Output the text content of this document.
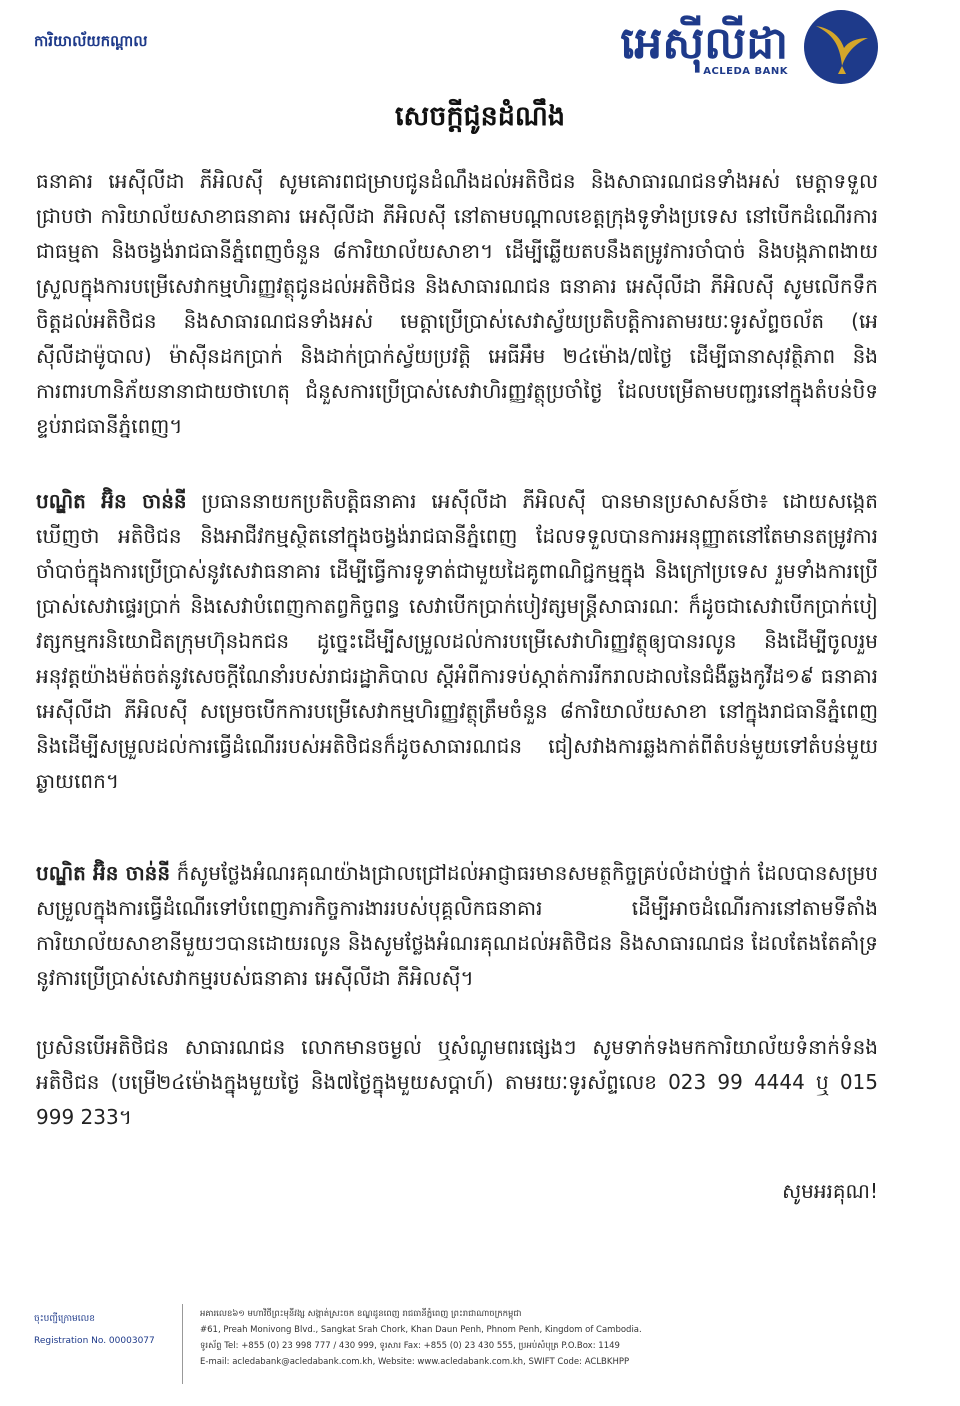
ការិយាល័យកណ្តាល	អេស៊ីលីដា
ACLEDA BANK
សេចក្តីជូនដំណឹង

ធនាគារ អេស៊ីលីដា ភីអិលស៊ី សូមគោរពជម្រាបជូនដំណឹងដល់អតិថិជន និងសាធារណជនទាំងអស់ មេត្តាទទួលជ្រាបថា ការិយាល័យសាខាធនាគារ អេស៊ីលីដា ភីអិលស៊ី នៅតាមបណ្តាលខេត្តក្រុងទូទាំងប្រទេស នៅបើកដំណើរការជាធម្មតា និងចង្វង់រាជធានីភ្នំពេញចំនួន ៨ការិយាល័យសាខា។ ដើម្បីឆ្លើយតបនឹងតម្រូវការចាំបាច់ និងបង្កភាពងាយស្រួលក្នុងការបម្រើសេវាកម្មហិរញ្ញវត្ថុជូនដល់អតិថិជន និងសាធារណជន ធនាគារ អេស៊ីលីដា ភីអិលស៊ី សូមលើកទឹកចិត្តដល់អតិថិជន និងសាធារណជនទាំងអស់ មេត្តាប្រើប្រាស់សេវាស្វ័យប្រតិបត្តិការតាមរយៈទូរស័ព្ទចល័ត (អេស៊ីលីដាម៉ូបាល) ម៉ាស៊ីនដកប្រាក់ និងដាក់ប្រាក់ស្វ័យប្រវត្តិ អេធីអឹម ២៤ម៉ោង/៧ថ្ងៃ ដើម្បីធានាសុវត្ថិភាព និងការពារហានិភ័យនានាជាយថាហេតុ ជំនួសការប្រើប្រាស់សេវាហិរញ្ញវត្ថុប្រចាំថ្ងៃ ដែលបម្រើតាមបញ្ជរនៅក្នុងតំបន់បិទខ្ទប់រាជធានីភ្នំពេញ។

បណ្ឌិត អ៊ិន ចាន់នី ប្រធាននាយកប្រតិបត្តិធនាគារ អេស៊ីលីដា ភីអិលស៊ី បានមានប្រសាសន៍ថា៖ ដោយសង្កេតឃើញថា អតិថិជន និងអាជីវកម្មស្ថិតនៅក្នុងចង្វង់រាជធានីភ្នំពេញ ដែលទទួលបានការអនុញ្ញាតនៅតែមានតម្រូវការចាំបាច់ក្នុងការប្រើប្រាស់នូវសេវាធនាគារ ដើម្បីធ្វើការទូទាត់ជាមួយដៃគូពាណិជ្ជកម្មក្នុង និងក្រៅប្រទេស រួមទាំងការប្រើប្រាស់សេវាផ្ទេរប្រាក់ និងសេវាបំពេញកាតព្វកិច្ចពន្ធ សេវាបើកប្រាក់បៀវត្សមន្ត្រីសាធារណៈ ក៏ដូចជាសេវាបើកប្រាក់បៀវត្សកម្មករនិយោជិតក្រុមហ៊ុនឯកជន ដូច្នេះដើម្បីសម្រួលដល់ការបម្រើសេវាហិរញ្ញវត្ថុឲ្យបានរលូន និងដើម្បីចូលរួមអនុវត្តយ៉ាងម៉ត់ចត់នូវសេចក្តីណែនាំរបស់រាជរដ្ឋាភិបាល ស្តីអំពីការទប់ស្កាត់ការរីករាលដាលនៃជំងឺឆ្លងកូវីដ១៩ ធនាគារ អេស៊ីលីដា ភីអិលស៊ី សម្រេចបើកការបម្រើសេវាកម្មហិរញ្ញវត្ថុត្រឹមចំនួន ៨ការិយាល័យសាខា នៅក្នុងរាជធានីភ្នំពេញ និងដើម្បីសម្រួលដល់ការធ្វើដំណើររបស់អតិថិជនក៏ដូចសាធារណជន ជៀសវាងការឆ្លងកាត់ពីតំបន់មួយទៅតំបន់មួយឆ្ងាយពេក។

បណ្ឌិត អ៊ិន ចាន់នី ក៏សូមថ្លែងអំណរគុណយ៉ាងជ្រាលជ្រៅដល់អាជ្ញាធរមានសមត្ថកិច្ចគ្រប់លំដាប់ថ្នាក់ ដែលបានសម្របសម្រួលក្នុងការធ្វើដំណើរទៅបំពេញភារកិច្ចការងាររបស់បុគ្គលិកធនាគារ ដើម្បីអាចដំណើរការនៅតាមទីតាំងការិយាល័យសាខានីមួយៗបានដោយរលូន និងសូមថ្លែងអំណរគុណដល់អតិថិជន និងសាធារណជន ដែលតែងតែគាំទ្រនូវការប្រើប្រាស់សេវាកម្មរបស់ធនាគារ អេស៊ីលីដា ភីអិលស៊ី។

ប្រសិនបើអតិថិជន សាធារណជន លោកមានចម្ងល់ ឬសំណូមពរផ្សេងៗ សូមទាក់ទងមកការិយាល័យទំនាក់ទំនងអតិថិជន (បម្រើ២៤ម៉ោងក្នុងមួយថ្ងៃ និង៧ថ្ងៃក្នុងមួយសប្តាហ៍) តាមរយៈទូរស័ព្ទលេខ 023 99 4444 ឬ 015 999 233។

សូមអរគុណ!
ចុះបញ្ជីក្រោមលេខ
Registration No. 00003077
អគារលេខ៦១ មហាវិថីព្រះមុនីវង្ស សង្កាត់ស្រះចក ខណ្ឌដូនពេញ រាជធានីភ្នំពេញ ព្រះរាជាណាចក្រកម្ពុជា
#61, Preah Monivong Blvd., Sangkat Srah Chork, Khan Daun Penh, Phnom Penh, Kingdom of Cambodia.
ទូរស័ព្ទ Tel: +855 (0) 23 998 777 / 430 999, ទូរសារ Fax: +855 (0) 23 430 555, ប្រអប់សំបុត្រ P.O.Box: 1149
E-mail: acledabank@acledabank.com.kh, Website: www.acledabank.com.kh, SWIFT Code: ACLBKHPP
